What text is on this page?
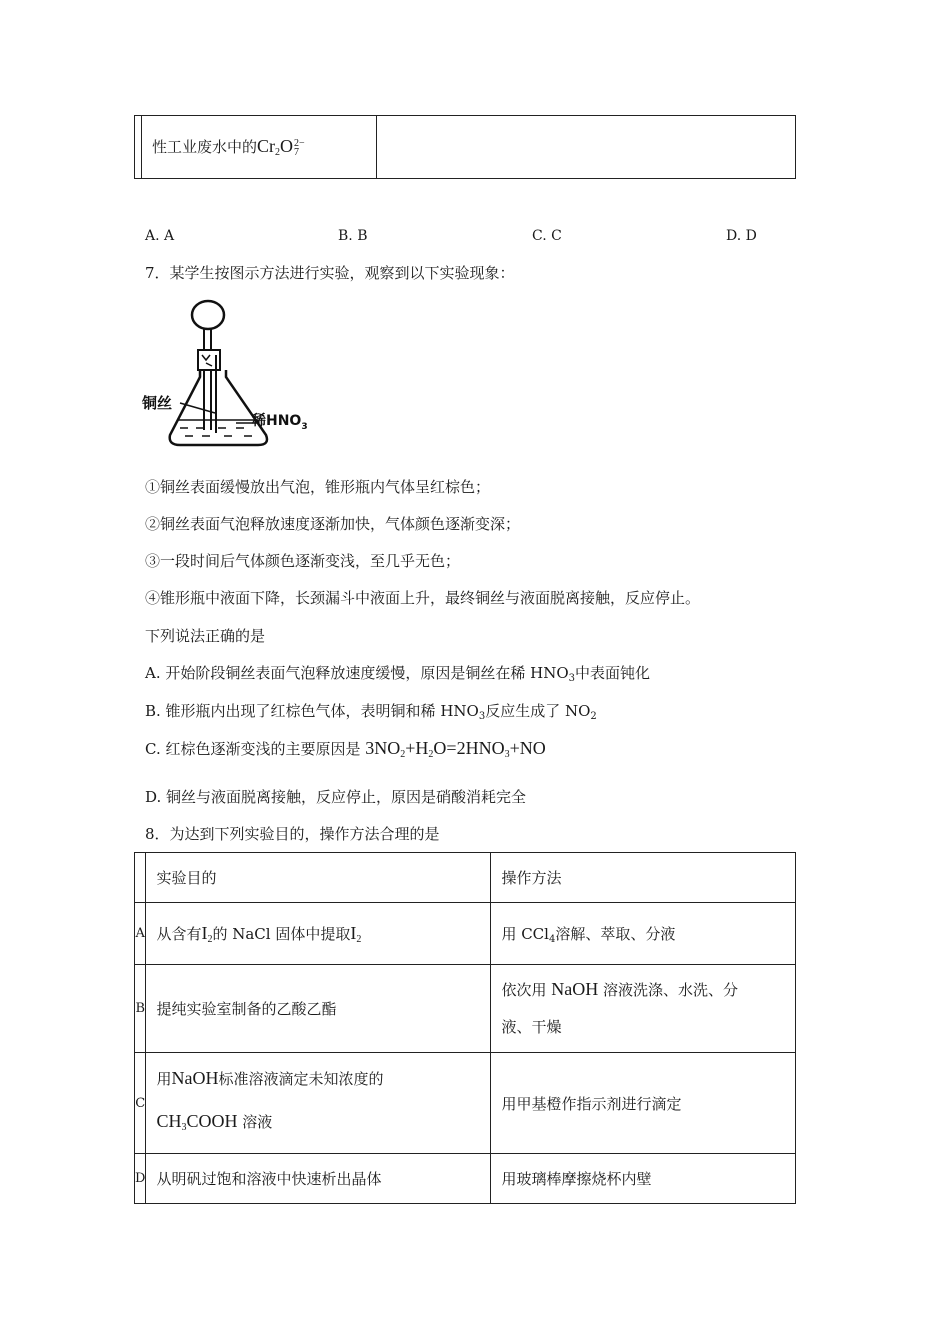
	性工业废水中的$Cr_2O2-$
7	
A. A	B. B	C. C	D. D
7．某学生按图示方法进行实验，观察到以下实验现象：
铜丝
稀$HNO_3$
①铜丝表面缓慢放出气泡，锥形瓶内气体呈红棕色；
②铜丝表面气泡释放速度逐渐加快，气体颜色逐渐变深；
③一段时间后气体颜色逐渐变浅，至几乎无色；
④锥形瓶中液面下降，长颈漏斗中液面上升，最终铜丝与液面脱离接触，反应停止。
下列说法正确的是
A. 开始阶段铜丝表面气泡释放速度缓慢，原因是铜丝在稀 $HNO_3$中表面钝化
B. 锥形瓶内出现了红棕色气体，表明铜和稀 $HNO_3$反应生成了 $NO_2$
C. 红棕色逐渐变浅的主要原因是 $3NO_2+H_2O=2HNO_3+NO$
D. 铜丝与液面脱离接触，反应停止，原因是硝酸消耗完全
8．为达到下列实验目的，操作方法合理的是
	实验目的	操作方法
A	从含有$I_2$的 NaCl 固体中提取$I_2$	用 CCl$_4$溶解、萃取、分液
B	提纯实验室制备的乙酸乙酯	依次用 NaOH 溶液洗涤、水洗、分
液、干燥
C	用NaOH标准溶液滴定未知浓度的
$CH_3COOH$ 溶液	用甲基橙作指示剂进行滴定
D	从明矾过饱和溶液中快速析出晶体	用玻璃棒摩擦烧杯内壁
